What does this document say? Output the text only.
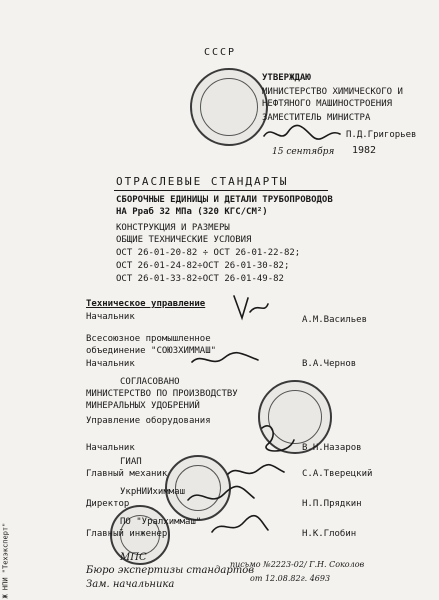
СССР
УТВЕРЖДАЮ
МИНИСТЕРСТВО ХИМИЧЕСКОГО И
НЕФТЯНОГО МАШИНОСТРОЕНИЯ
ЗАМЕСТИТЕЛЬ МИНИСТРА
П.Д.Григорьев
15 сентября 1982
ОТРАСЛЕВЫЕ СТАНДАРТЫ
СБОРОЧНЫЕ ЕДИНИЦЫ И ДЕТАЛИ ТРУБОПРОВОДОВ
НА Рраб 32 МПа (320 КГС/СМ²)
КОНСТРУКЦИЯ И РАЗМЕРЫ
ОБЩИЕ ТЕХНИЧЕСКИЕ УСЛОВИЯ
ОСТ 26-01-20-82 ÷ ОСТ 26-01-22-82;
ОСТ 26-01-24-82÷ОСТ 26-01-30-82;
ОСТ 26-01-33-82÷ОСТ 26-01-49-82
Техническое управление
Начальник	А.М.Васильев
Всесоюзное промышленное
объединение "СОЮЗХИММАШ"
Начальник	В.А.Чернов
СОГЛАСОВАНО
МИНИСТЕРСТВО ПО ПРОИЗВОДСТВУ
МИНЕРАЛЬНЫХ УДОБРЕНИЙ
Управление оборудования
Начальник	В.Н.Назаров
ГИАП
Главный механик	С.А.Тверецкий
УкрНИИхиммаш
Директор	Н.П.Прядкин
ПО "Уралхиммаш"
Главный инженер	Н.К.Глобин
МПС
Бюро экспертизы стандартов
Зам. начальника
письмо №2223-02/ Г.Н. Соколов
от 12.08.82г. 4693
Ж НПИ "Техэксперт"
